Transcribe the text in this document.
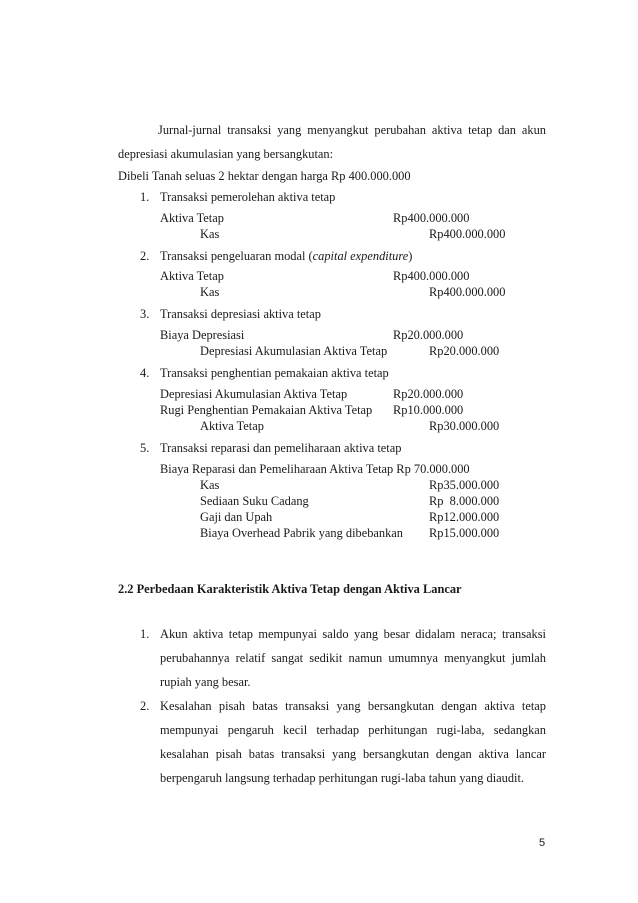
Jurnal-jurnal transaksi yang menyangkut perubahan aktiva tetap dan akun
depresiasi akumulasian yang bersangkutan:
Dibeli Tanah seluas 2 hektar dengan harga Rp 400.000.000
1. Transaksi pemerolehan aktiva tetap
Aktiva Tetap	Rp400.000.000
Kas	Rp400.000.000
2. Transaksi pengeluaran modal (capital expenditure)
Aktiva Tetap	Rp400.000.000
Kas	Rp400.000.000
3. Transaksi depresiasi aktiva tetap
Biaya Depresiasi	Rp20.000.000
Depresiasi Akumulasian Aktiva Tetap	Rp20.000.000
4. Transaksi penghentian pemakaian aktiva tetap
Depresiasi Akumulasian Aktiva Tetap	Rp20.000.000
Rugi Penghentian Pemakaian Aktiva Tetap Rp10.000.000
Aktiva Tetap	Rp30.000.000
5. Transaksi reparasi dan pemeliharaan aktiva tetap
Biaya Reparasi dan Pemeliharaan Aktiva Tetap Rp 70.000.000
Kas	Rp35.000.000
Sediaan Suku Cadang	Rp  8.000.000
Gaji dan Upah	Rp12.000.000
Biaya Overhead Pabrik yang dibebankan Rp15.000.000
2.2 Perbedaan Karakteristik Aktiva Tetap dengan Aktiva Lancar
1. Akun aktiva tetap mempunyai saldo yang besar didalam neraca; transaksi
perubahannya relatif sangat sedikit namun umumnya menyangkut jumlah
rupiah yang besar.
2. Kesalahan pisah batas transaksi yang bersangkutan dengan aktiva tetap
mempunyai pengaruh kecil terhadap perhitungan rugi-laba, sedangkan
kesalahan pisah batas transaksi yang bersangkutan dengan aktiva lancar
berpengaruh langsung terhadap perhitungan rugi-laba tahun yang diaudit.
5
